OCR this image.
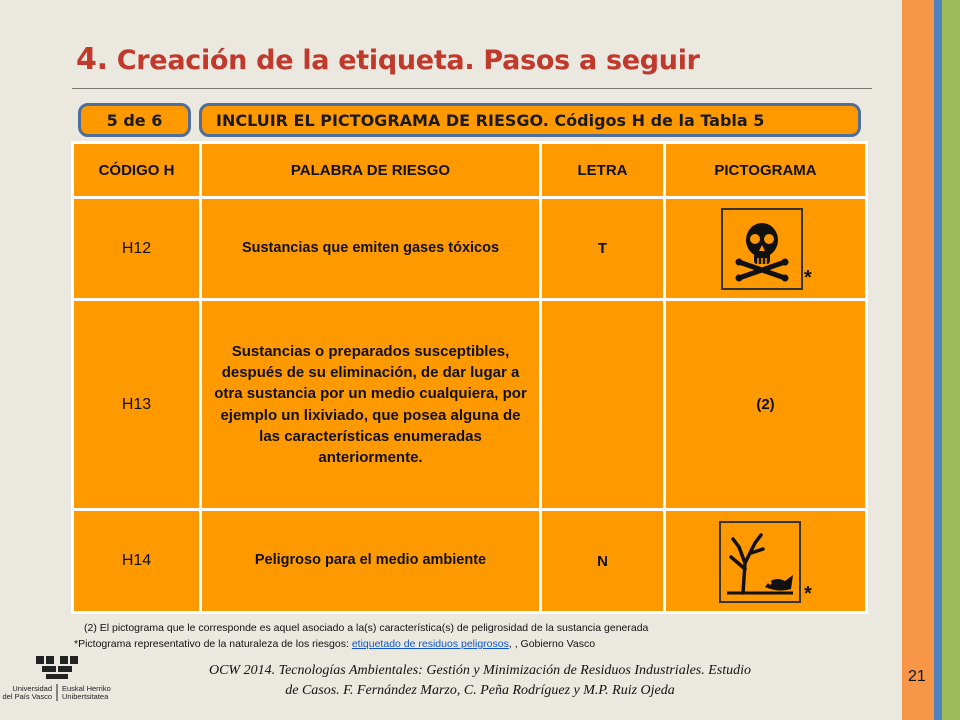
4. Creación de la etiqueta. Pasos a seguir
5 de 6	INCLUIR EL PICTOGRAMA DE RIESGO. Códigos H de la Tabla 5
CÓDIGO H	PALABRA DE RIESGO	LETRA	PICTOGRAMA
H12	Sustancias que emiten gases tóxicos	T	*

H13	Sustancias o preparados susceptibles, después de su eliminación, de dar lugar a otra sustancia por un medio cualquiera, por ejemplo un lixiviado, que posea alguna de las características enumeradas anteriormente.		(2)
H14	Peligroso para el medio ambiente	N	*
(2) El pictograma que le corresponde es aquel asociado a la(s) característica(s) de peligrosidad de la sustancia generada
*Pictograma representativo de la naturaleza de los riesgos: etiquetado de residuos peligrosos, , Gobierno Vasco
Universidad
del País Vasco
Euskal Herriko
Unibertsitatea
OCW 2014. Tecnologías Ambientales: Gestión y Minimización de Residuos Industriales. Estudio
de Casos. F. Fernández Marzo, C. Peña Rodríguez y M.P. Ruiz Ojeda
21
